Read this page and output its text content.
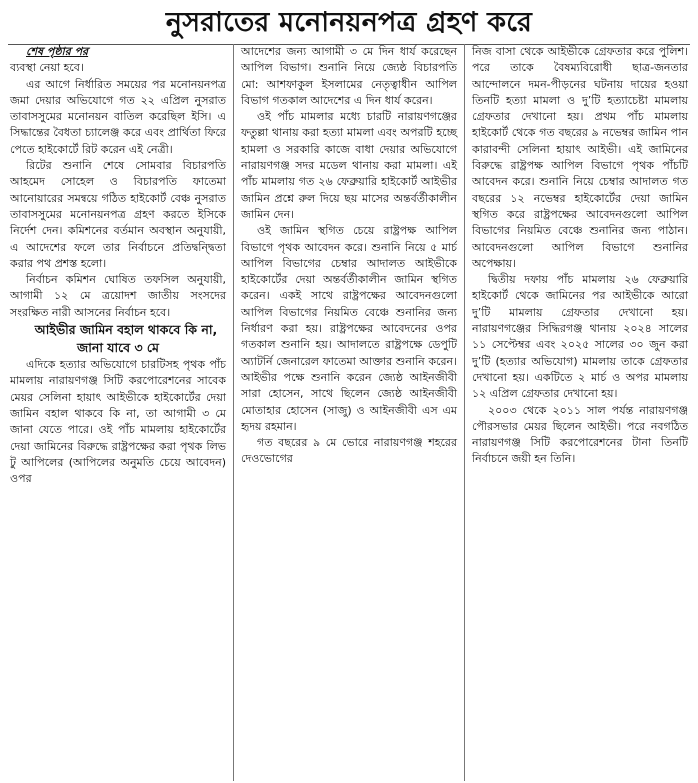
নুসরাতের মনোনয়নপত্র গ্রহণ করে

শেষ পৃষ্ঠার পর

ব্যবস্থা নেয়া হবে।

এর আগে নির্ধারিত সময়ের পর মনোনয়নপত্র জমা দেয়ার অভিযোগে গত ২২ এপ্রিল নুসরাত তাবাসসুমের মনোনয়ন বাতিল করেছিল ইসি। এ সিদ্ধান্তের বৈধতা চ্যালেঞ্জ করে এবং প্রার্থিতা ফিরে পেতে হাইকোর্টে রিট করেন এই নেত্রী।

রিটের শুনানি শেষে সোমবার বিচারপতি আহমেদ সোহেল ও বিচারপতি ফাতেমা আনোয়ারের সমন্বয়ে গঠিত হাইকোর্ট বেঞ্চ নুসরাত তাবাসসুমের মনোনয়নপত্র গ্রহণ করতে ইসিকে নির্দেশ দেন। কমিশনের বর্তমান অবস্থান অনুযায়ী, এ আদেশের ফলে তার নির্বাচনে প্রতিদ্বন্দ্বিতা করার পথ প্রশস্ত হলো।

নির্বাচন কমিশন ঘোষিত তফসিল অনুযায়ী, আগামী ১২ মে ত্রয়োদশ জাতীয় সংসদের সংরক্ষিত নারী আসনের নির্বাচন হবে।

আইভীর জামিন বহাল থাকবে কি না, জানা যাবে ৩ মে

এদিকে হত্যার অভিযোগে চারটিসহ পৃথক পাঁচ মামলায় নারায়ণগঞ্জ সিটি করপোরেশনের সাবেক মেয়র সেলিনা হায়াৎ আইভীকে হাইকোর্টের দেয়া জামিন বহাল থাকবে কি না, তা আগামী ৩ মে জানা যেতে পারে। ওই পাঁচ মামলায় হাইকোর্টের দেয়া জামিনের বিরুদ্ধে রাষ্ট্রপক্ষের করা পৃথক লিভ টু আপিলের (আপিলের অনুমতি চেয়ে আবেদন) ওপর

আদেশের জন্য আগামী ৩ মে দিন ধার্য করেছেন আপিল বিভাগ। শুনানি নিয়ে জ্যেষ্ঠ বিচারপতি মো: আশফাকুল ইসলামের নেতৃত্বাধীন আপিল বিভাগ গতকাল আদেশের এ দিন ধার্য করেন।

ওই পাঁচ মামলার মধ্যে চারটি নারায়ণগঞ্জের ফতুল্লা থানায় করা হত্যা মামলা এবং অপরটি হচ্ছে হামলা ও সরকারি কাজে বাধা দেয়ার অভিযোগে নারায়ণগঞ্জ সদর মডেল থানায় করা মামলা। এই পাঁচ মামলায় গত ২৬ ফেব্রুয়ারি হাইকোর্ট আইভীর জামিন প্রশ্নে রুল দিয়ে ছয় মাসের অন্তর্বর্তীকালীন জামিন দেন।

ওই জামিন স্থগিত চেয়ে রাষ্ট্রপক্ষ আপিল বিভাগে পৃথক আবেদন করে। শুনানি নিয়ে ৫ মার্চ আপিল বিভাগের চেম্বার আদালত আইভীকে হাইকোর্টের দেয়া অন্তর্বর্তীকালীন জামিন স্থগিত করেন। একই সাথে রাষ্ট্রপক্ষের আবেদনগুলো আপিল বিভাগের নিয়মিত বেঞ্চে শুনানির জন্য নির্ধারণ করা হয়। রাষ্ট্রপক্ষের আবেদনের ওপর গতকাল শুনানি হয়। আদালতে রাষ্ট্রপক্ষে ডেপুটি অ্যাটর্নি জেনারেল ফাতেমা আক্তার শুনানি করেন। আইভীর পক্ষে শুনানি করেন জ্যেষ্ঠ আইনজীবী সারা হোসেন, সাথে ছিলেন জ্যেষ্ঠ আইনজীবী মোতাহার হোসেন (সাজু) ও আইনজীবী এস এম হৃদয় রহমান।

গত বছরের ৯ মে ভোরে নারায়ণগঞ্জ শহরের দেওভোগের

নিজ বাসা থেকে আইভীকে গ্রেফতার করে পুলিশ। পরে তাকে বৈষম্যবিরোধী ছাত্র-জনতার আন্দোলনে দমন-পীড়নের ঘটনায় দায়ের হওয়া তিনটি হত্যা মামলা ও দু’টি হত্যাচেষ্টা মামলায় গ্রেফতার দেখানো হয়। প্রথম পাঁচ মামলায় হাইকোর্ট থেকে গত বছরের ৯ নভেম্বর জামিন পান কারাবন্দী সেলিনা হায়াৎ আইভী। এই জামিনের বিরুদ্ধে রাষ্ট্রপক্ষ আপিল বিভাগে পৃথক পাঁচটি আবেদন করে। শুনানি নিয়ে চেম্বার আদালত গত বছরের ১২ নভেম্বর হাইকোর্টের দেয়া জামিন স্থগিত করে রাষ্ট্রপক্ষের আবেদনগুলো আপিল বিভাগের নিয়মিত বেঞ্চে শুনানির জন্য পাঠান। আবেদনগুলো আপিল বিভাগে শুনানির অপেক্ষায়।

দ্বিতীয় দফায় পাঁচ মামলায় ২৬ ফেব্রুয়ারি হাইকোর্ট থেকে জামিনের পর আইভীকে আরো দু’টি মামলায় গ্রেফতার দেখানো হয়। নারায়ণগঞ্জের সিদ্ধিরগঞ্জ থানায় ২০২৪ সালের ১১ সেপ্টেম্বর এবং ২০২৫ সালের ৩০ জুন করা দু’টি (হত্যার অভিযোগ) মামলায় তাকে গ্রেফতার দেখানো হয়। একটিতে ২ মার্চ ও অপর মামলায় ১২ এপ্রিল গ্রেফতার দেখানো হয়।

২০০৩ থেকে ২০১১ সাল পর্যন্ত নারায়ণগঞ্জ পৌরসভার মেয়র ছিলেন আইভী। পরে নবগঠিত নারায়ণগঞ্জ সিটি করপোরেশনের টানা তিনটি নির্বাচনে জয়ী হন তিনি।
